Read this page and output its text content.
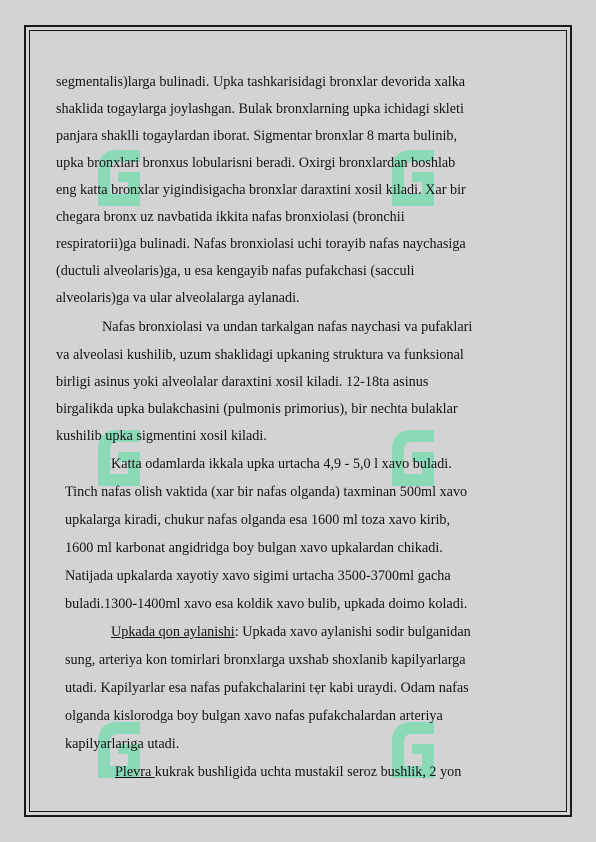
segmentalis)larga bulinadi. Upka tashkarisidagi bronxlar devorida xalka
shaklida togaylarga joylashgan. Bulak bronxlarning upka ichidagi skleti
panjara shaklli togaylardan iborat. Sigmentar bronxlar 8 marta bulinib,
upka bronxlari bronxus lobularisni beradi. Oxirgi bronxlardan boshlab
eng katta bronxlar yigindisigacha bronxlar daraxtini xosil kiladi. Xar bir
chegara bronx uz navbatida ikkita nafas bronxiolasi (bronchii
respiratorii)ga bulinadi. Nafas bronxiolasi uchi torayib nafas naychasiga
(ductuli alveolaris)ga, u esa kengayib nafas pufakchasi (sacculi
alveolaris)ga va ular alveolalarga aylanadi.
Nafas bronxiolasi va undan tarkalgan nafas naychasi va pufaklari
va alveolasi kushilib, uzum shaklidagi upkaning struktura va funksional
birligi asinus yoki alveolalar daraxtini xosil kiladi. 12-18ta asinus
birgalikda upka bulakchasini (pulmonis primorius), bir nechta bulaklar
kushilib upka sigmentini xosil kiladi.
Katta odamlarda ikkala upka urtacha 4,9 - 5,0 l xavo buladi.
Tinch nafas olish vaktida (xar bir nafas olganda) taxminan 500ml xavo
upkalarga kiradi, chukur nafas olganda esa 1600 ml toza xavo kirib,
1600 ml karbonat angidridga boy bulgan xavo upkalardan chikadi.
Natijada upkalarda xayotiy xavo sigimi urtacha 3500-3700ml gacha
buladi.1300-1400ml xavo esa koldik xavo bulib, upkada doimo koladi.
Upkada qon aylanishi: Upkada xavo aylanishi sodir bulganidan
sung, arteriya kon tomirlari bronxlarga uxshab shoxlanib kapilyarlarga
utadi. Kapilyarlar esa nafas pufakchalarini tҿr kabi uraydi. Odam nafas
olganda kislorodga boy bulgan xavo nafas pufakchalardan arteriya
kapilyarlariga utadi.
Plevra kukrak bushligida uchta mustakil seroz bushlik, 2 yon
